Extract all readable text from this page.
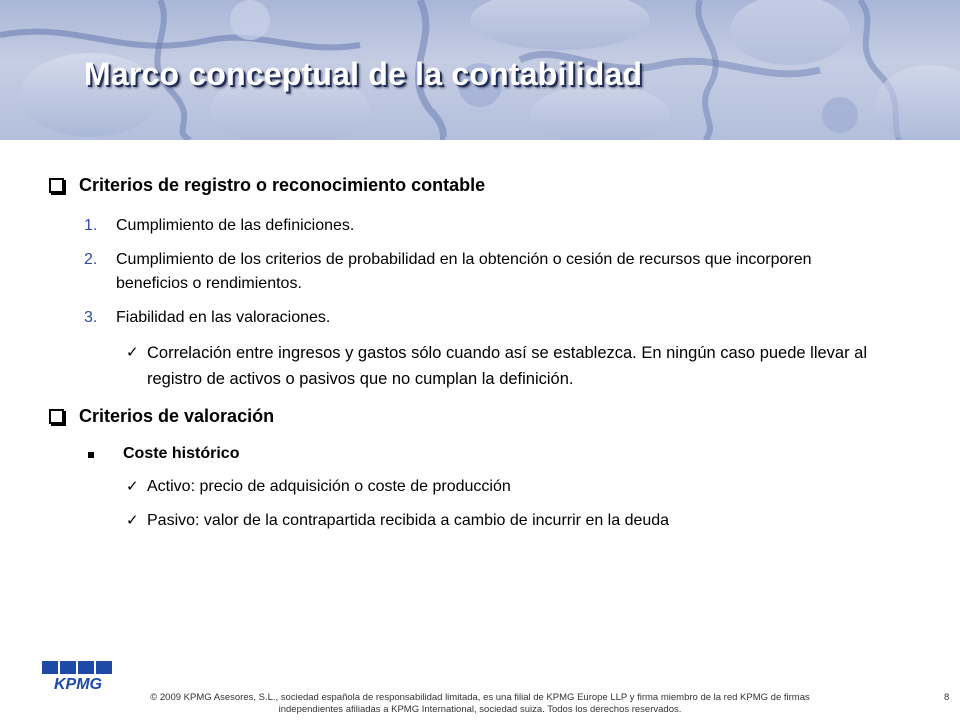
Marco conceptual de la contabilidad
Criterios de registro o reconocimiento contable
1.	Cumplimiento de las definiciones.
2.	Cumplimiento de los criterios de probabilidad en la obtención o cesión de recursos que incorporen beneficios o rendimientos.
3.	Fiabilidad en las valoraciones.
✓ Correlación entre ingresos y gastos sólo cuando así se establezca. En ningún caso puede llevar al registro de activos o pasivos que no cumplan la definición.
Criterios de valoración
Coste histórico
✓ Activo: precio de adquisición o coste de producción
✓ Pasivo: valor de la contrapartida recibida a cambio de incurrir en la deuda
KPMG
© 2009 KPMG Asesores, S.L., sociedad española de responsabilidad limitada, es una filial de KPMG Europe LLP y firma miembro de la red KPMG de firmas
independientes afiliadas a KPMG International, sociedad suiza. Todos los derechos reservados.
8
